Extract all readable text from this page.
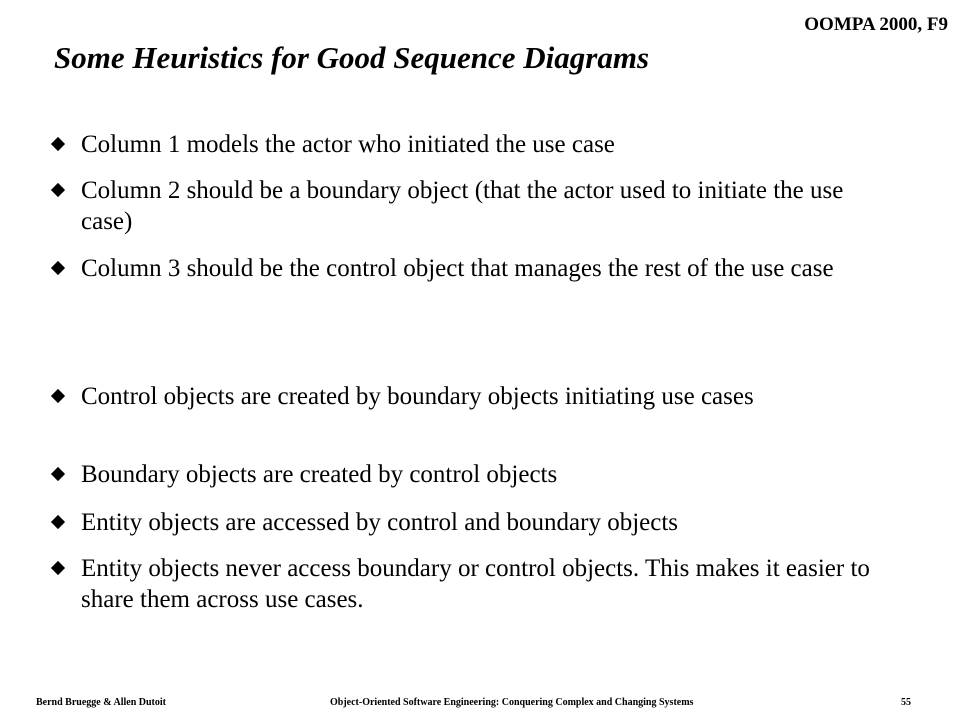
OOMPA 2000, F9
Some Heuristics for Good Sequence Diagrams
Column 1 models the actor who initiated the use case
Column 2 should be a boundary object (that the actor used to initiate the use case)
Column 3 should be the control object that manages the rest of the use case
Control objects are created by boundary objects initiating use cases
Boundary objects are created by control objects
Entity objects are accessed by control and boundary objects
Entity objects never access boundary or control objects. This makes it easier to share them across use cases.
Bernd Bruegge & Allen Dutoit	Object-Oriented Software Engineering: Conquering Complex and Changing Systems	55
